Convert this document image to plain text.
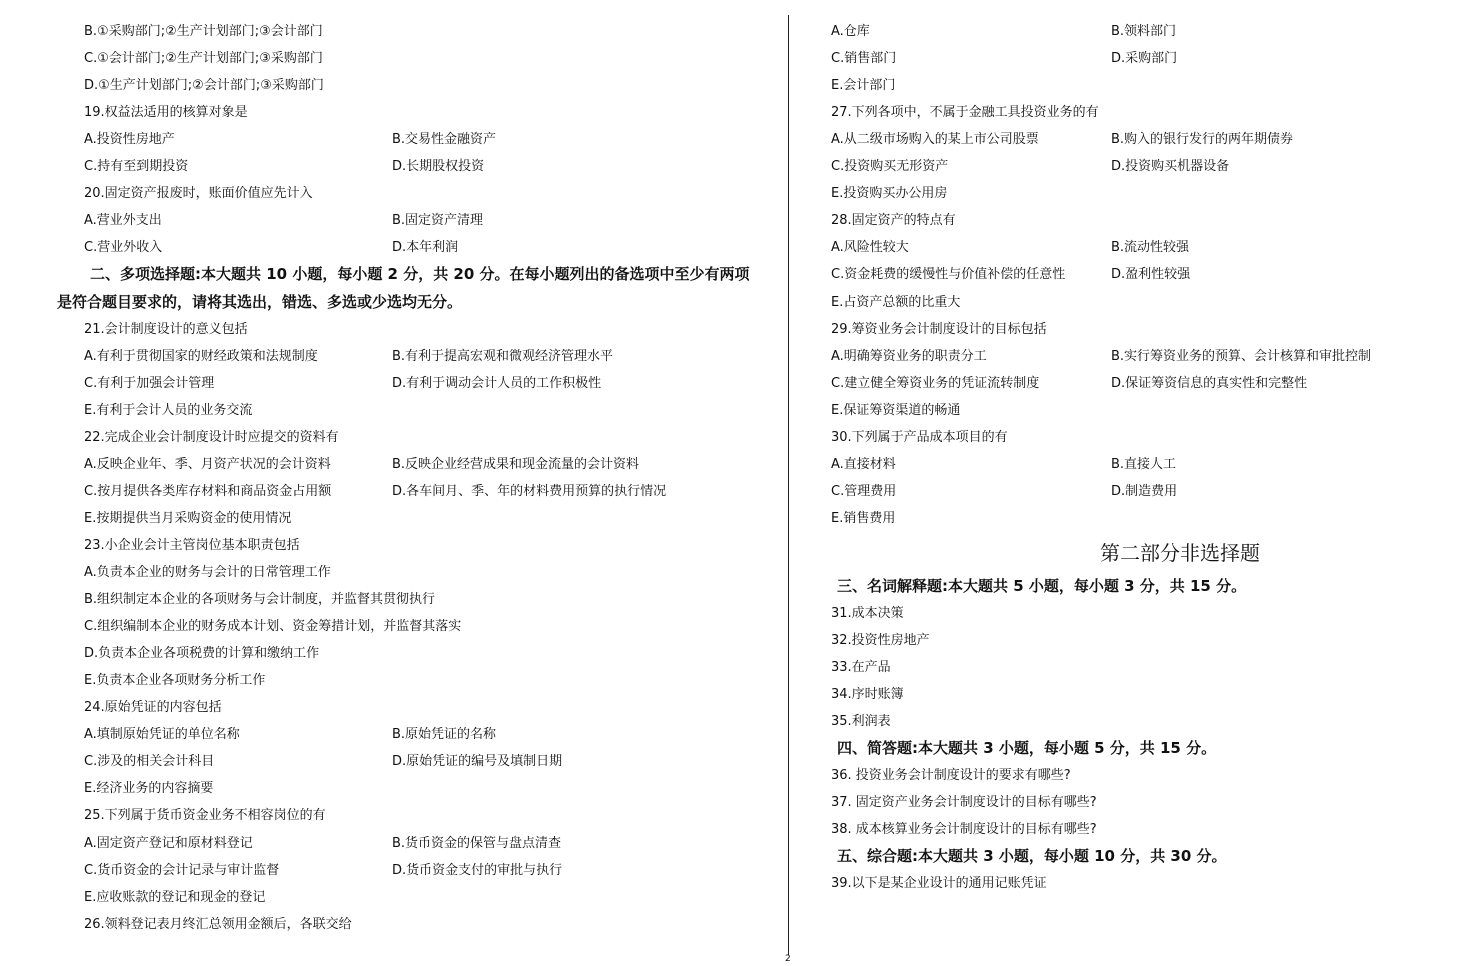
第二部分非选择题
2
B.①采购部门;②生产计划部门;③会计部门
C.①会计部门;②生产计划部门;③采购部门
D.①生产计划部门;②会计部门;③采购部门
19.权益法适用的核算对象是
A.投资性房地产	B.交易性金融资产
C.持有至到期投资	D.长期股权投资
20.固定资产报废时，账面价值应先计入
A.营业外支出	B.固定资产清理
C.营业外收入	D.本年利润
二、多项选择题:本大题共 10 小题，每小题 2 分，共 20 分。在每小题列出的备选项中至少有两项
是符合题目要求的，请将其选出，错选、多选或少选均无分。
21.会计制度设计的意义包括
A.有利于贯彻国家的财经政策和法规制度	B.有利于提高宏观和微观经济管理水平
C.有利于加强会计管理	D.有利于调动会计人员的工作积极性
E.有利于会计人员的业务交流
22.完成企业会计制度设计时应提交的资料有
A.反映企业年、季、月资产状况的会计资料	B.反映企业经营成果和现金流量的会计资料
C.按月提供各类库存材料和商品资金占用额	D.各车间月、季、年的材料费用预算的执行情况
E.按期提供当月采购资金的使用情况
23.小企业会计主管岗位基本职责包括
A.负责本企业的财务与会计的日常管理工作
B.组织制定本企业的各项财务与会计制度，并监督其贯彻执行
C.组织编制本企业的财务成本计划、资金筹措计划，并监督其落实
D.负责本企业各项税费的计算和缴纳工作
E.负责本企业各项财务分析工作
24.原始凭证的内容包括
A.填制原始凭证的单位名称	B.原始凭证的名称
C.涉及的相关会计科目	D.原始凭证的编号及填制日期
E.经济业务的内容摘要
25.下列属于货币资金业务不相容岗位的有
A.固定资产登记和原材料登记	B.货币资金的保管与盘点清查
C.货币资金的会计记录与审计监督	D.货币资金支付的审批与执行
E.应收账款的登记和现金的登记
26.领料登记表月终汇总领用金额后，各联交给
A.仓库	B.领料部门
C.销售部门	D.采购部门
E.会计部门
27.下列各项中，不属于金融工具投资业务的有
A.从二级市场购入的某上市公司股票	B.购入的银行发行的两年期债券
C.投资购买无形资产	D.投资购买机器设备
E.投资购买办公用房
28.固定资产的特点有
A.风险性较大	B.流动性较强
C.资金耗费的缓慢性与价值补偿的任意性	D.盈利性较强
E.占资产总额的比重大
29.筹资业务会计制度设计的目标包括
A.明确筹资业务的职责分工	B.实行筹资业务的预算、会计核算和审批控制
C.建立健全筹资业务的凭证流转制度	D.保证筹资信息的真实性和完整性
E.保证筹资渠道的畅通
30.下列属于产品成本项目的有
A.直接材料	B.直接人工
C.管理费用	D.制造费用
E.销售费用
三、名词解释题:本大题共 5 小题，每小题 3 分，共 15 分。
31.成本决策
32.投资性房地产
33.在产品
34.序时账簿
35.利润表
四、简答题:本大题共 3 小题，每小题 5 分，共 15 分。
36. 投资业务会计制度设计的要求有哪些?
37. 固定资产业务会计制度设计的目标有哪些?
38. 成本核算业务会计制度设计的目标有哪些?
五、综合题:本大题共 3 小题，每小题 10 分，共 30 分。
39.以下是某企业设计的通用记账凭证
